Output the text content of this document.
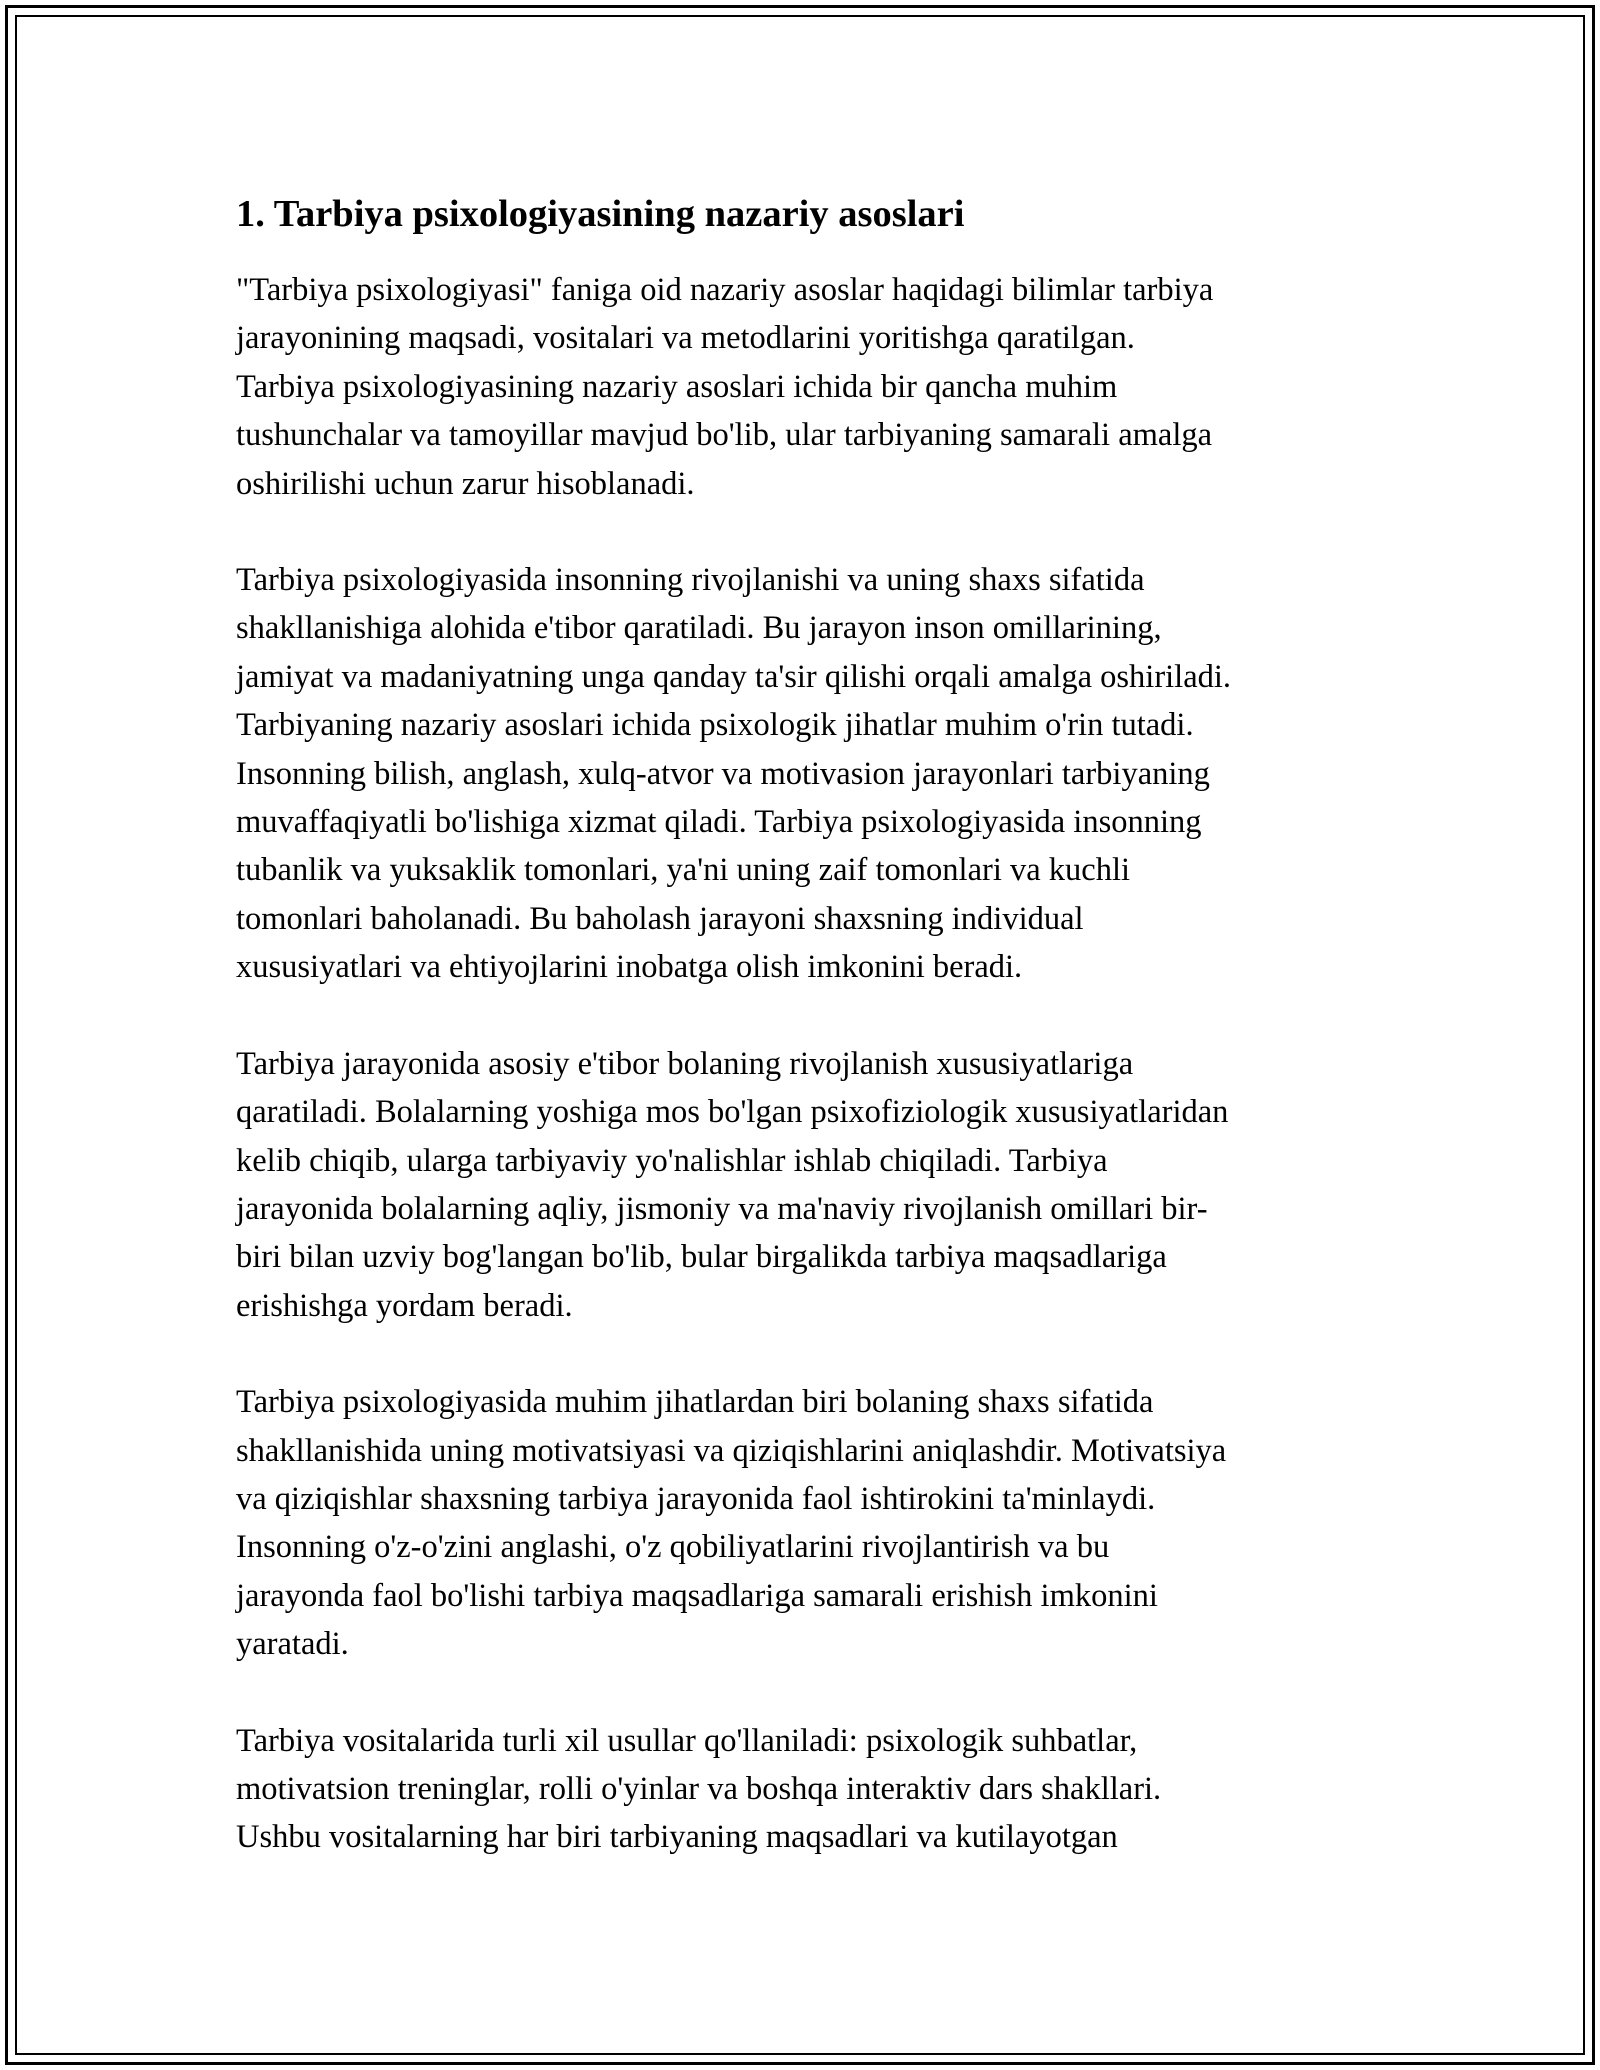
1. Tarbiya psixologiyasining nazariy asoslari

"Tarbiya psixologiyasi" faniga oid nazariy asoslar haqidagi bilimlar tarbiya
jarayonining maqsadi, vositalari va metodlarini yoritishga qaratilgan.
Tarbiya psixologiyasining nazariy asoslari ichida bir qancha muhim
tushunchalar va tamoyillar mavjud bo'lib, ular tarbiyaning samarali amalga
oshirilishi uchun zarur hisoblanadi.

Tarbiya psixologiyasida insonning rivojlanishi va uning shaxs sifatida
shakllanishiga alohida e'tibor qaratiladi. Bu jarayon inson omillarining,
jamiyat va madaniyatning unga qanday ta'sir qilishi orqali amalga oshiriladi.
Tarbiyaning nazariy asoslari ichida psixologik jihatlar muhim o'rin tutadi.
Insonning bilish, anglash, xulq-atvor va motivasion jarayonlari tarbiyaning
muvaffaqiyatli bo'lishiga xizmat qiladi. Tarbiya psixologiyasida insonning
tubanlik va yuksaklik tomonlari, ya'ni uning zaif tomonlari va kuchli
tomonlari baholanadi. Bu baholash jarayoni shaxsning individual
xususiyatlari va ehtiyojlarini inobatga olish imkonini beradi.

Tarbiya jarayonida asosiy e'tibor bolaning rivojlanish xususiyatlariga
qaratiladi. Bolalarning yoshiga mos bo'lgan psixofiziologik xususiyatlaridan
kelib chiqib, ularga tarbiyaviy yo'nalishlar ishlab chiqiladi. Tarbiya
jarayonida bolalarning aqliy, jismoniy va ma'naviy rivojlanish omillari bir-
biri bilan uzviy bog'langan bo'lib, bular birgalikda tarbiya maqsadlariga
erishishga yordam beradi.

Tarbiya psixologiyasida muhim jihatlardan biri bolaning shaxs sifatida
shakllanishida uning motivatsiyasi va qiziqishlarini aniqlashdir. Motivatsiya
va qiziqishlar shaxsning tarbiya jarayonida faol ishtirokini ta'minlaydi.
Insonning o'z-o'zini anglashi, o'z qobiliyatlarini rivojlantirish va bu
jarayonda faol bo'lishi tarbiya maqsadlariga samarali erishish imkonini
yaratadi.

Tarbiya vositalarida turli xil usullar qo'llaniladi: psixologik suhbatlar,
motivatsion treninglar, rolli o'yinlar va boshqa interaktiv dars shakllari.
Ushbu vositalarning har biri tarbiyaning maqsadlari va kutilayotgan
